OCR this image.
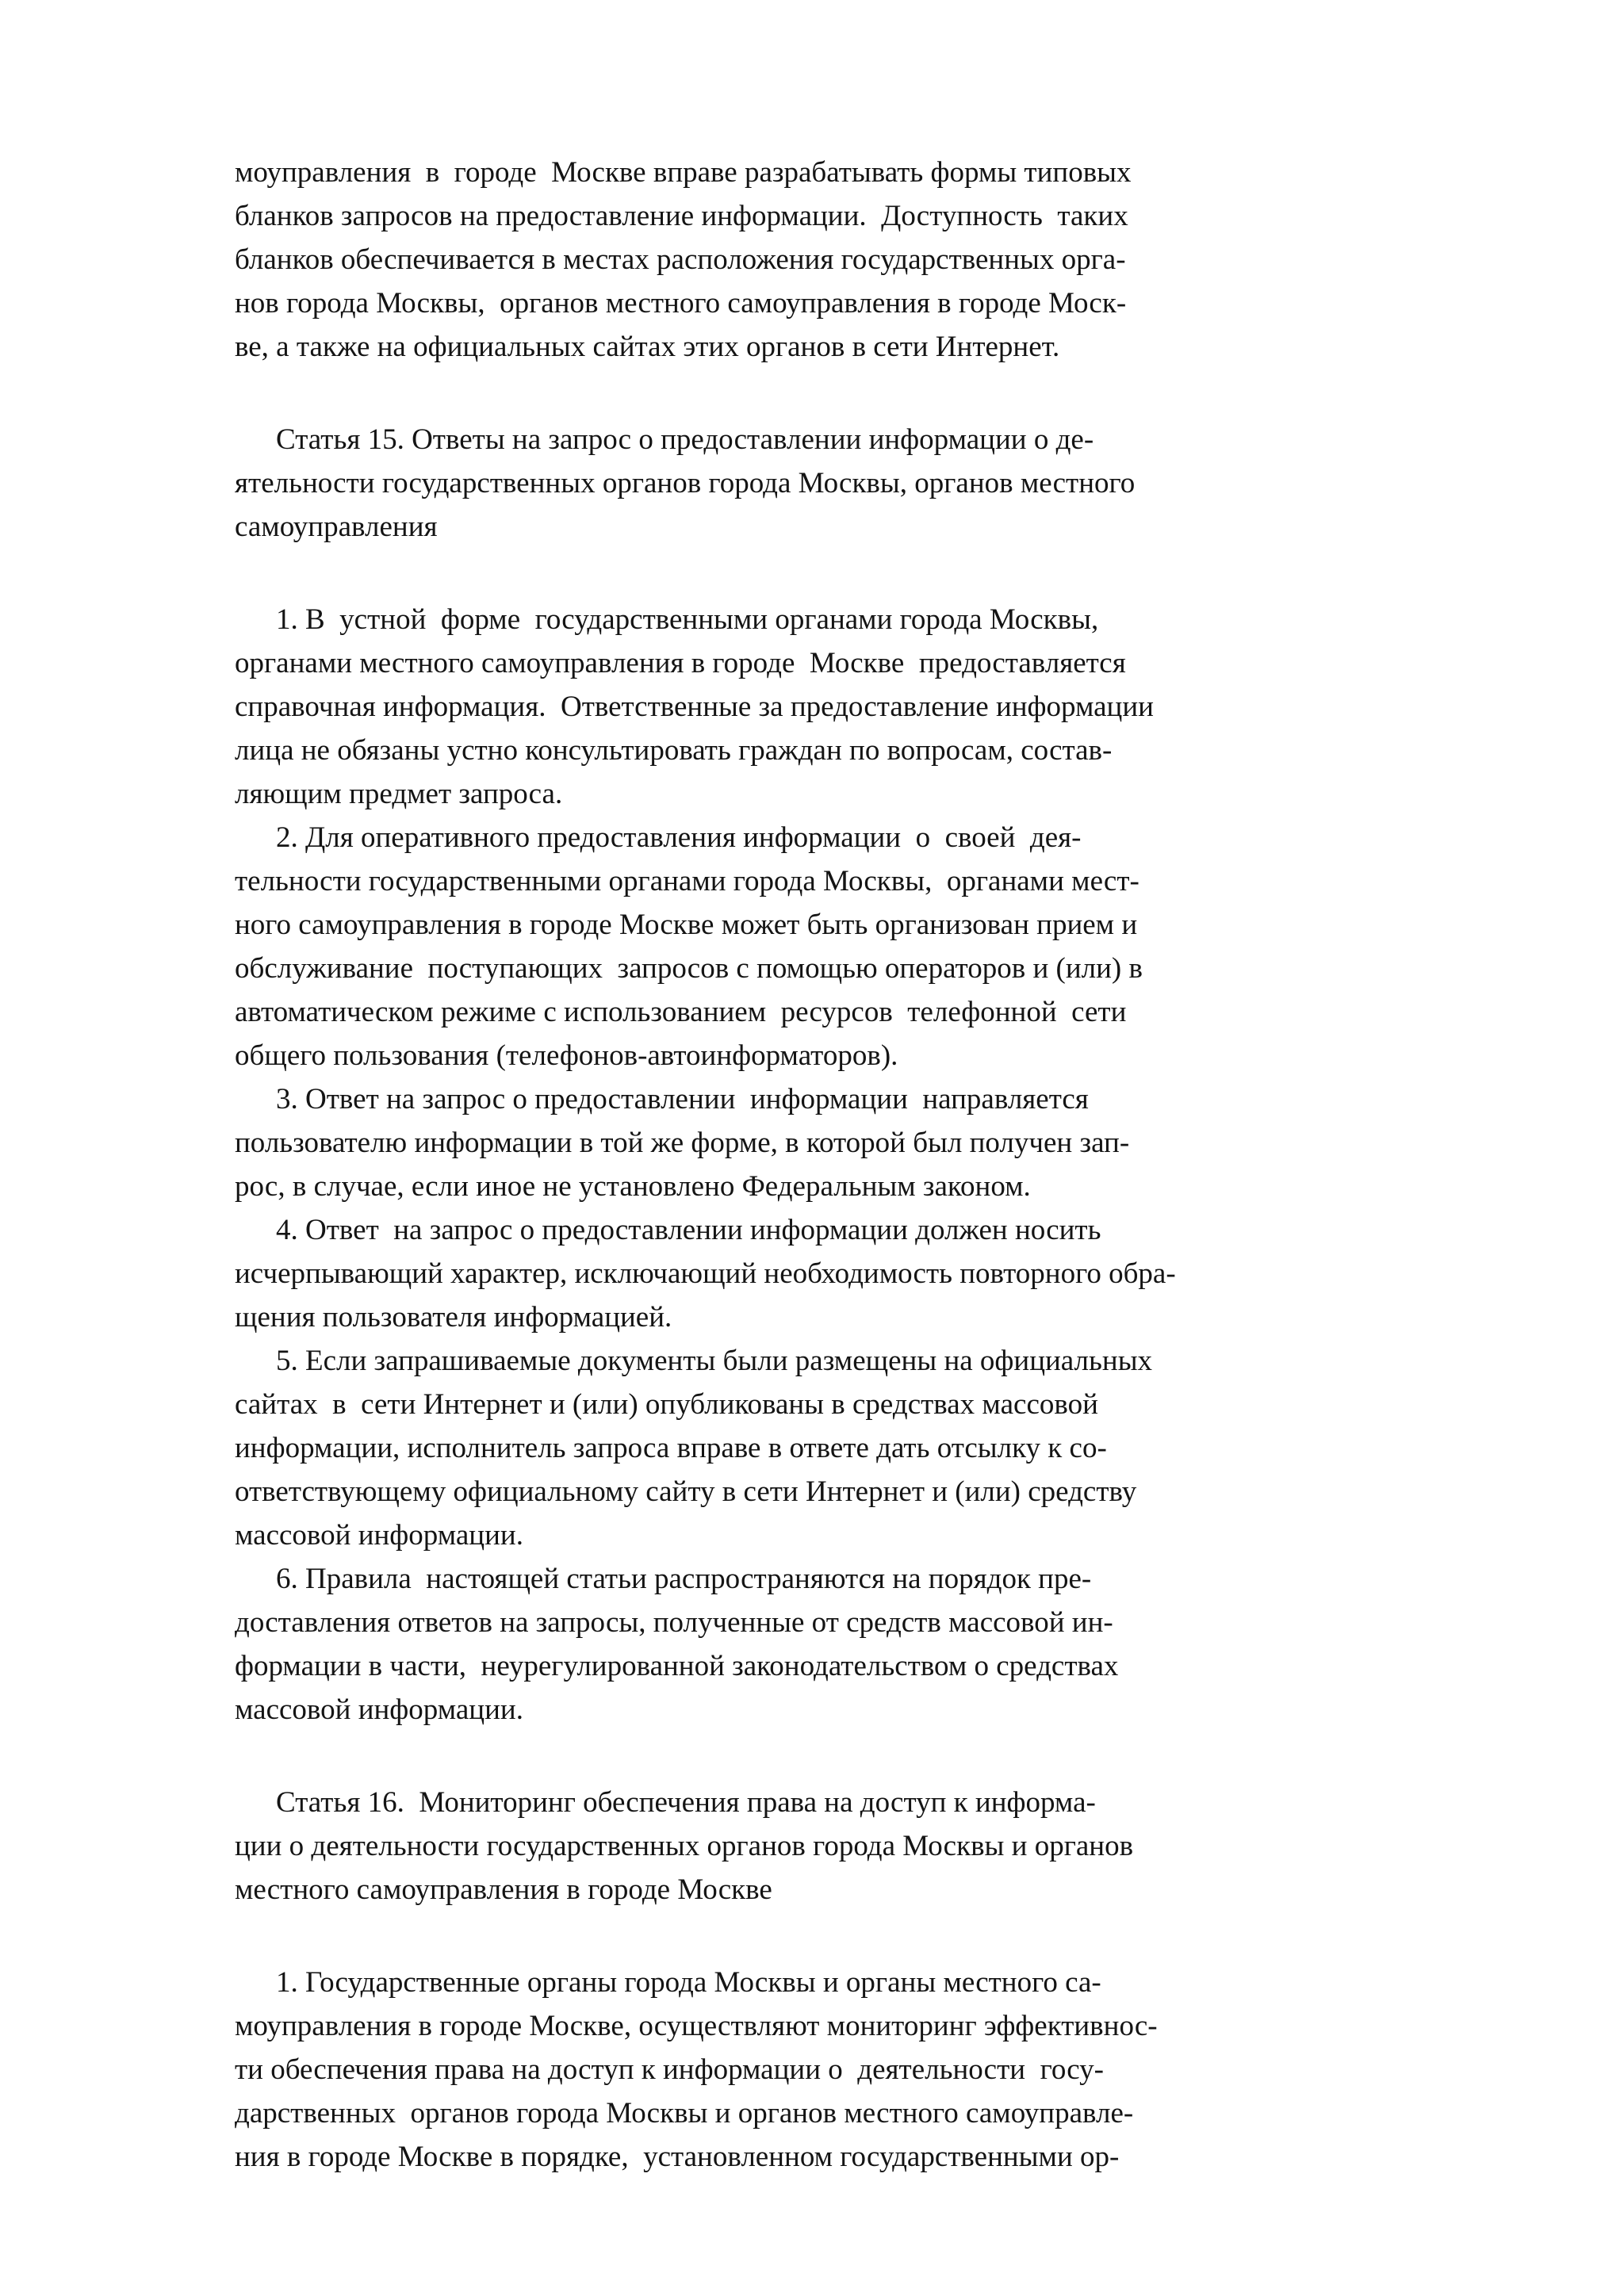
моуправления  в  городе  Москве вправе разрабатывать формы типовых
бланков запросов на предоставление информации.  Доступность  таких
бланков обеспечивается в местах расположения государственных орга-
нов города Москвы,  органов местного самоуправления в городе Моск-
ве, а также на официальных сайтах этих органов в сети Интернет.
Статья 15. Ответы на запрос о предоставлении информации о де-
ятельности государственных органов города Москвы, органов местного
самоуправления
1. В  устной  форме  государственными органами города Москвы,
органами местного самоуправления в городе  Москве  предоставляется
справочная информация.  Ответственные за предоставление информации
лица не обязаны устно консультировать граждан по вопросам, состав-
ляющим предмет запроса.
2. Для оперативного предоставления информации  о  своей  дея-
тельности государственными органами города Москвы,  органами мест-
ного самоуправления в городе Москве может быть организован прием и
обслуживание  поступающих  запросов с помощью операторов и (или) в
автоматическом режиме с использованием  ресурсов  телефонной  сети
общего пользования (телефонов-автоинформаторов).
3. Ответ на запрос о предоставлении  информации  направляется
пользователю информации в той же форме, в которой был получен зап-
рос, в случае, если иное не установлено Федеральным законом.
4. Ответ  на запрос о предоставлении информации должен носить
исчерпывающий характер, исключающий необходимость повторного обра-
щения пользователя информацией.
5. Если запрашиваемые документы были размещены на официальных
сайтах  в  сети Интернет и (или) опубликованы в средствах массовой
информации, исполнитель запроса вправе в ответе дать отсылку к со-
ответствующему официальному сайту в сети Интернет и (или) средству
массовой информации.
6. Правила  настоящей статьи распространяются на порядок пре-
доставления ответов на запросы, полученные от средств массовой ин-
формации в части,  неурегулированной законодательством о средствах
массовой информации.
Статья 16.  Мониторинг обеспечения права на доступ к информа-
ции о деятельности государственных органов города Москвы и органов
местного самоуправления в городе Москве
1. Государственные органы города Москвы и органы местного са-
моуправления в городе Москве, осуществляют мониторинг эффективнос-
ти обеспечения права на доступ к информации о  деятельности  госу-
дарственных  органов города Москвы и органов местного самоуправле-
ния в городе Москве в порядке,  установленном государственными ор-
